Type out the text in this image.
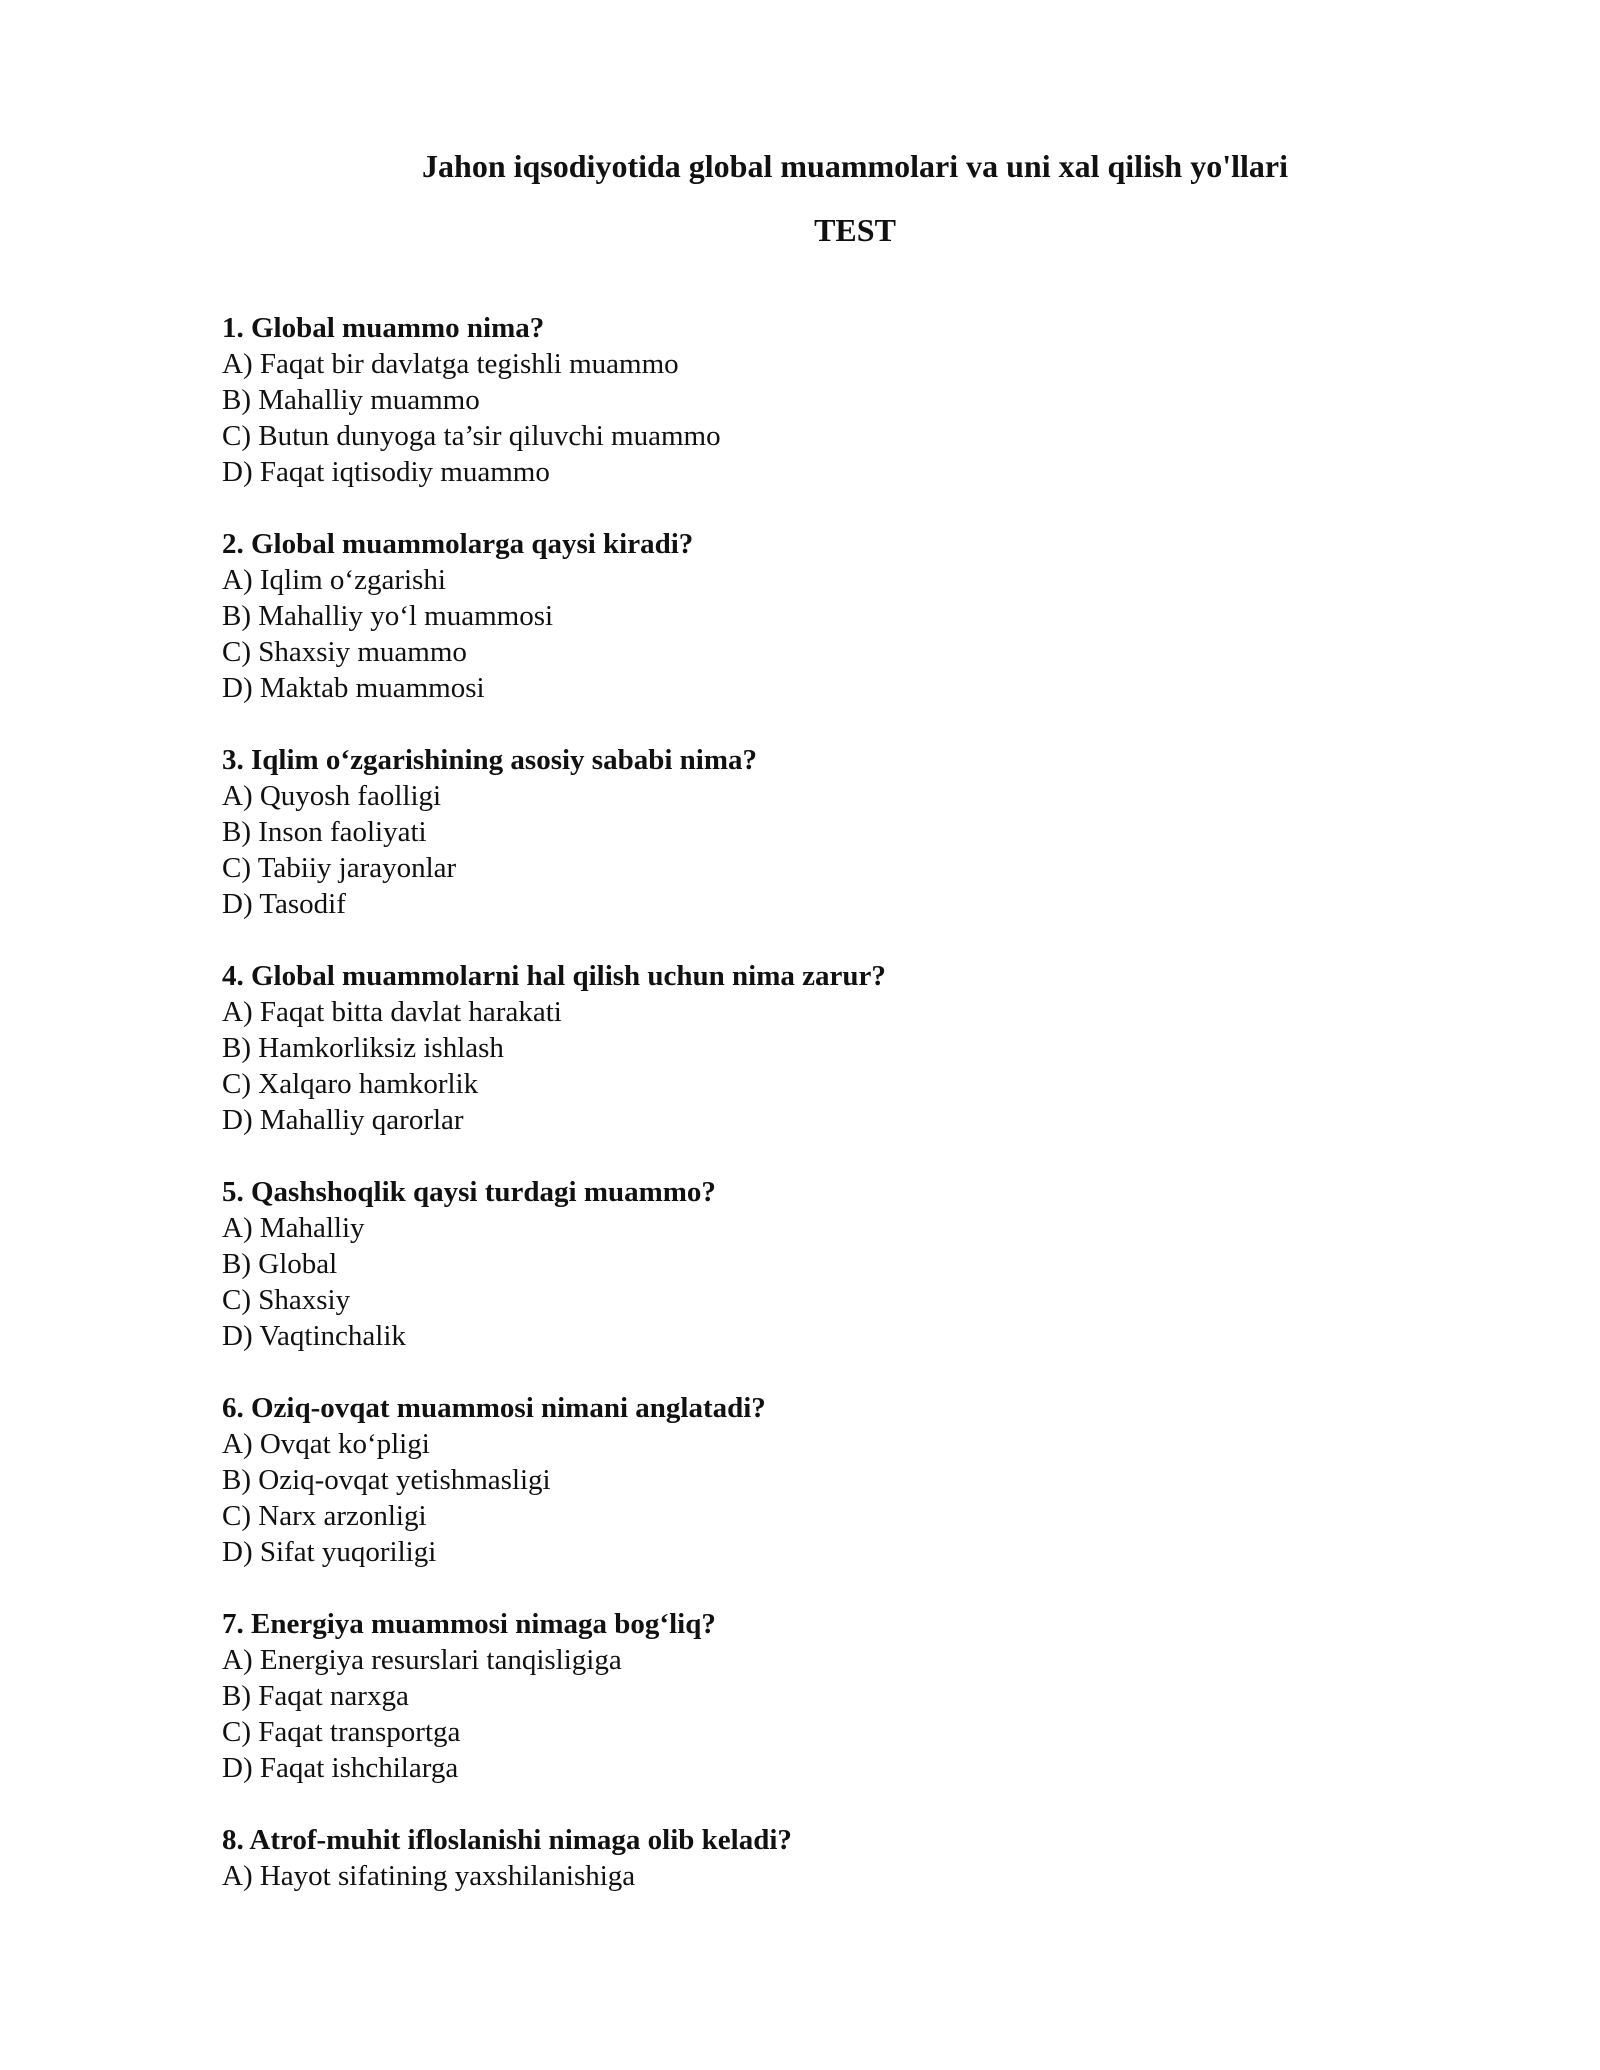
Jahon iqsodiyotida global muammolari va uni xal qilish yo'llari
TEST

1. Global muammo nima?

A) Faqat bir davlatga tegishli muammo

B) Mahalliy muammo

C) Butun dunyoga ta’sir qiluvchi muammo

D) Faqat iqtisodiy muammo

2. Global muammolarga qaysi kiradi?

A) Iqlim o‘zgarishi

B) Mahalliy yo‘l muammosi

C) Shaxsiy muammo

D) Maktab muammosi

3. Iqlim o‘zgarishining asosiy sababi nima?

A) Quyosh faolligi

B) Inson faoliyati

C) Tabiiy jarayonlar

D) Tasodif

4. Global muammolarni hal qilish uchun nima zarur?

A) Faqat bitta davlat harakati

B) Hamkorliksiz ishlash

C) Xalqaro hamkorlik

D) Mahalliy qarorlar

5. Qashshoqlik qaysi turdagi muammo?

A) Mahalliy

B) Global

C) Shaxsiy

D) Vaqtinchalik

6. Oziq-ovqat muammosi nimani anglatadi?

A) Ovqat ko‘pligi

B) Oziq-ovqat yetishmasligi

C) Narx arzonligi

D) Sifat yuqoriligi

7. Energiya muammosi nimaga bog‘liq?

A) Energiya resurslari tanqisligiga

B) Faqat narxga

C) Faqat transportga

D) Faqat ishchilarga

8. Atrof-muhit ifloslanishi nimaga olib keladi?

A) Hayot sifatining yaxshilanishiga
